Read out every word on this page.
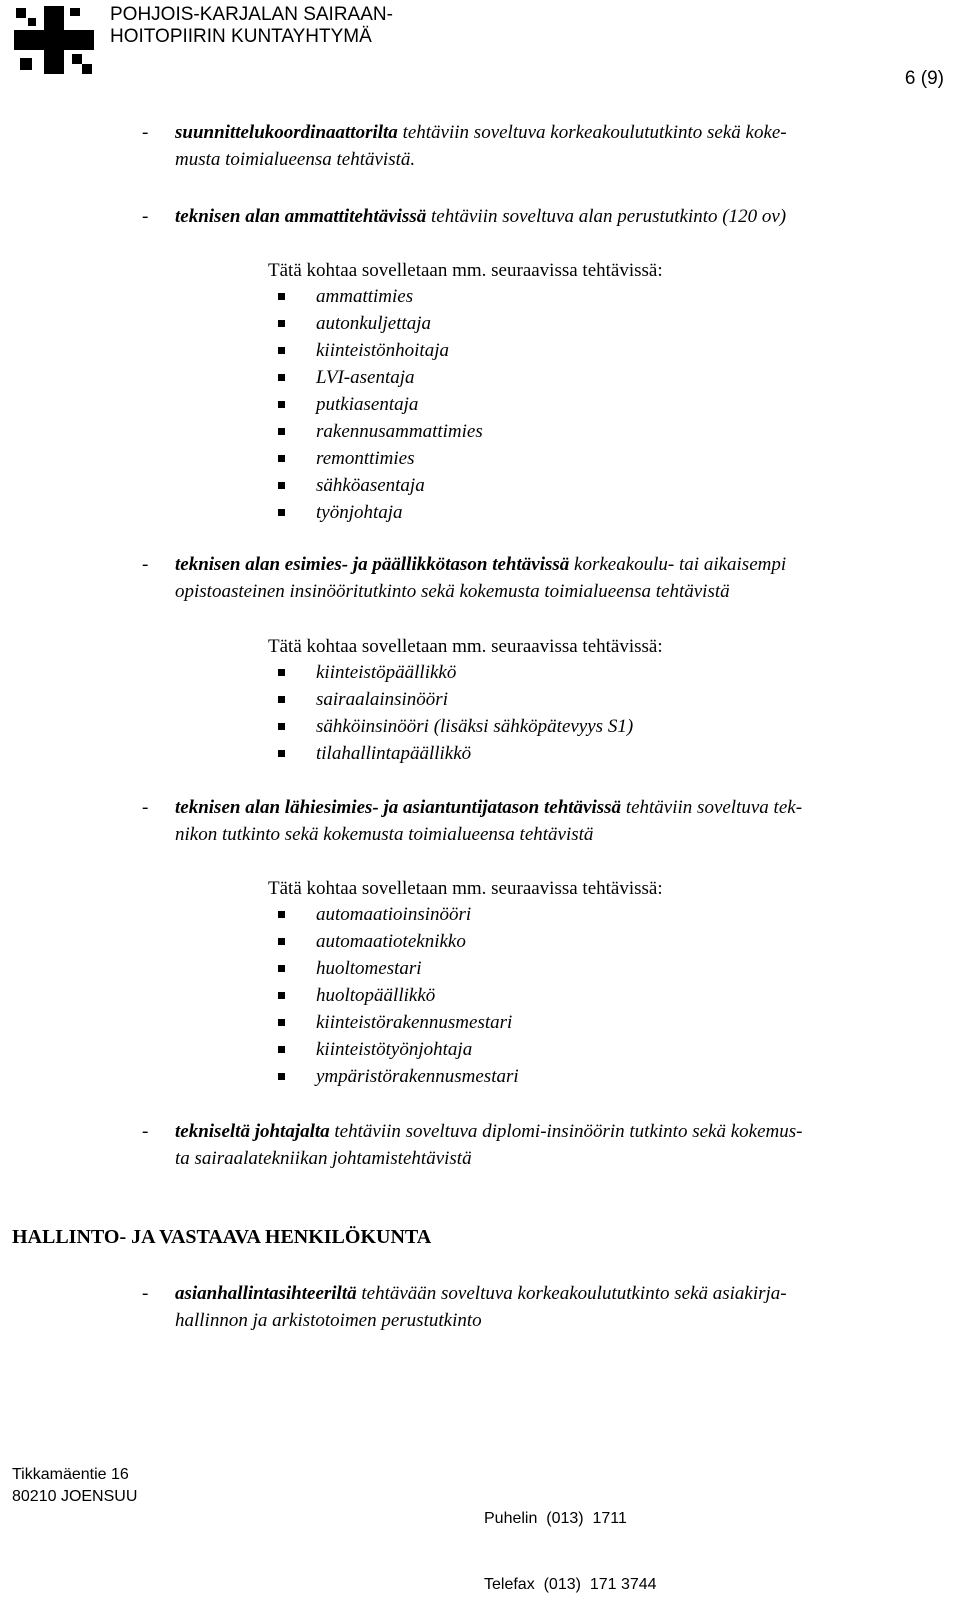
POHJOIS-KARJALAN SAIRAAN-
HOITOPIIRIN KUNTAYHTYMÄ
6 (9)
- suunnittelukoordinaattorilta tehtäviin soveltuva korkeakoulututkinto sekä koke-
musta toimialueensa tehtävistä.
- teknisen alan ammattitehtävissä tehtäviin soveltuva alan perustutkinto (120 ov)
Tätä kohtaa sovelletaan mm. seuraavissa tehtävissä:
ammattimies
autonkuljettaja
kiinteistönhoitaja
LVI-asentaja
putkiasentaja
rakennusammattimies
remonttimies
sähköasentaja
työnjohtaja
- teknisen alan esimies- ja päällikkötason tehtävissä korkeakoulu- tai aikaisempi
opistoasteinen insinööritutkinto sekä kokemusta toimialueensa tehtävistä
Tätä kohtaa sovelletaan mm. seuraavissa tehtävissä:
kiinteistöpäällikkö
sairaalainsinööri
sähköinsinööri (lisäksi sähköpätevyys S1)
tilahallintapäällikkö
- teknisen alan lähiesimies- ja asiantuntijatason tehtävissä tehtäviin soveltuva tek-
nikon tutkinto sekä kokemusta toimialueensa tehtävistä
Tätä kohtaa sovelletaan mm. seuraavissa tehtävissä:
automaatioinsinööri
automaatioteknikko
huoltomestari
huoltopäällikkö
kiinteistörakennusmestari
kiinteistötyönjohtaja
ympäristörakennusmestari
- tekniseltä johtajalta tehtäviin soveltuva diplomi-insinöörin tutkinto sekä kokemus-
ta sairaalatekniikan johtamistehtävistä
HALLINTO- JA VASTAAVA HENKILÖKUNTA
- asianhallintasihteeriltä tehtävään soveltuva korkeakoulututkinto sekä asiakirja-
hallinnon ja arkistotoimen perustutkinto
Tikkamäentie 16
80210 JOENSUU

Puhelin  (013)  1711

Telefax  (013)  171 3744
